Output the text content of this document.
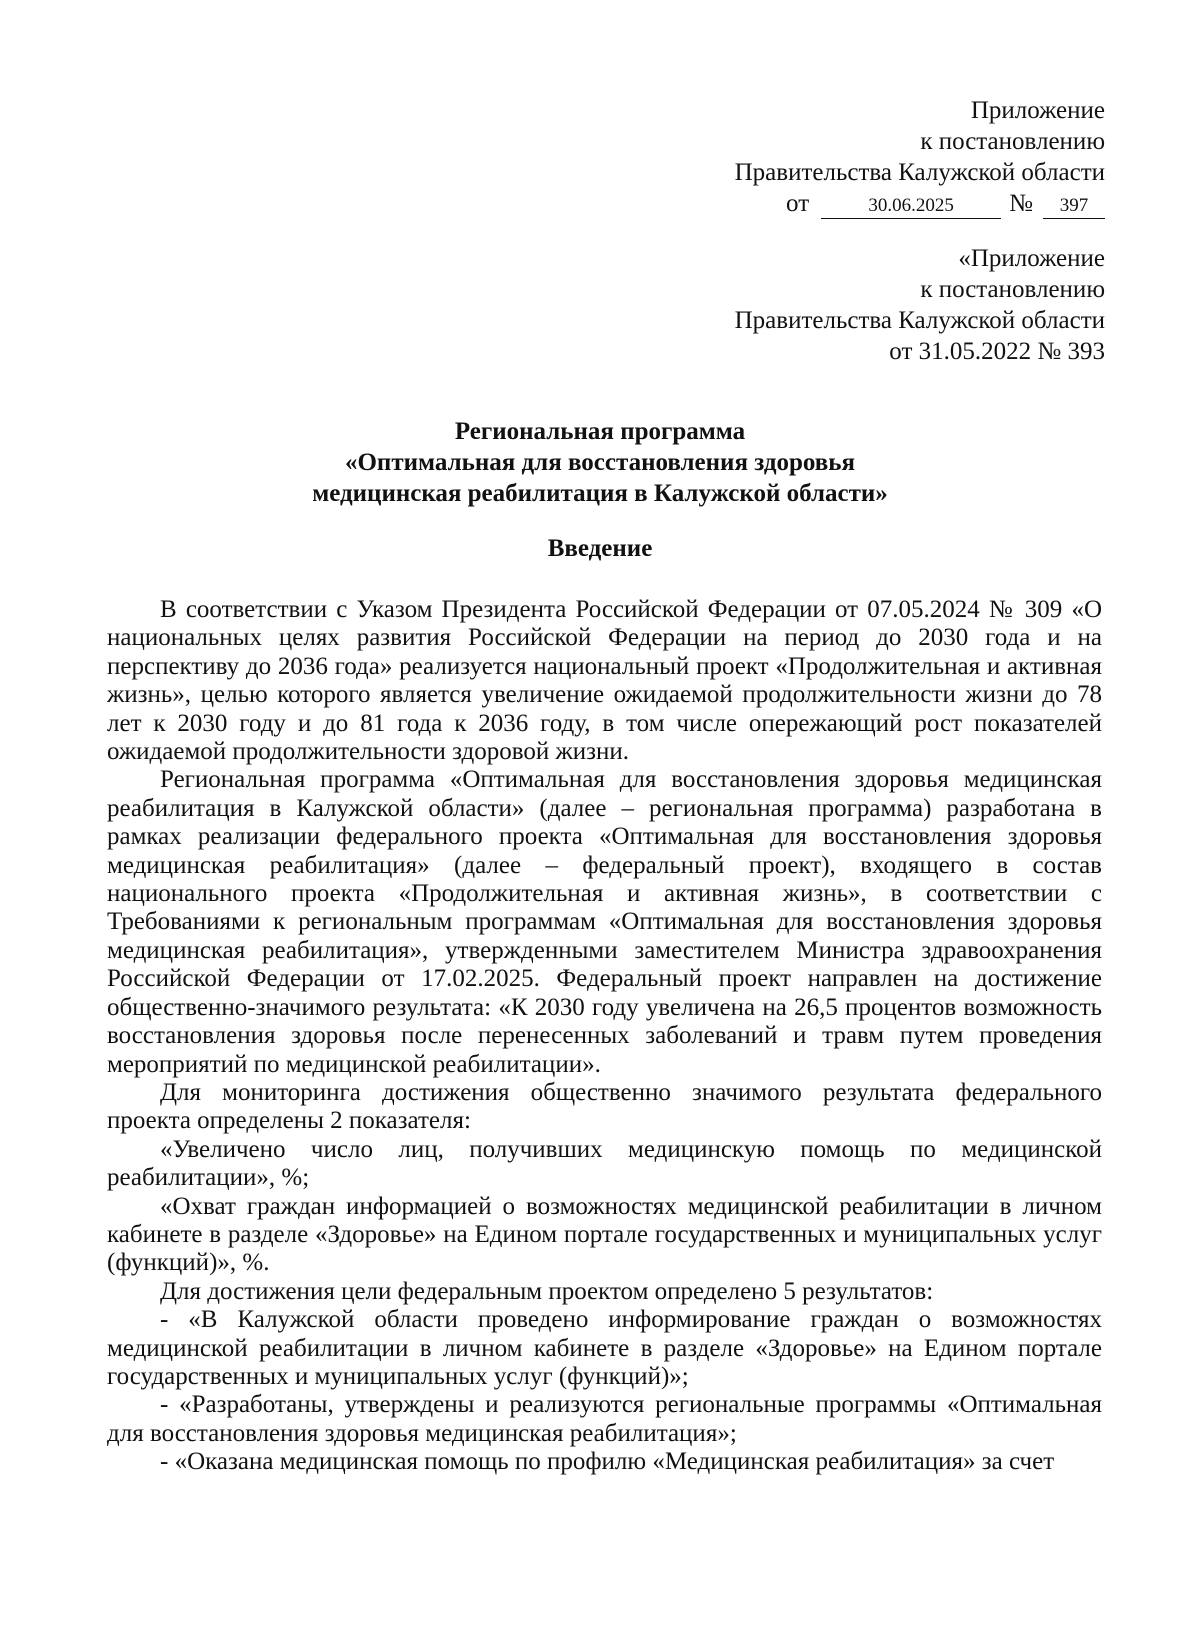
Приложение
к постановлению
Правительства Калужской области
от	30.06.2025 № 397
«Приложение
к постановлению
Правительства Калужской области
от 31.05.2022 № 393
Региональная программа
«Оптимальная для восстановления здоровья
медицинская реабилитация в Калужской области»
Введение

В соответствии с Указом Президента Российской Федерации от 07.05.2024 № 309 «О национальных целях развития Российской Федерации на период до 2030 года и на перспективу до 2036 года» реализуется национальный проект «Продолжительная и активная жизнь», целью которого является увеличение ожидаемой продолжительности жизни до 78 лет к 2030 году и до 81 года к 2036 году, в том числе опережающий рост показателей ожидаемой продолжительности здоровой жизни.

Региональная программа «Оптимальная для восстановления здоровья медицинская реабилитация в Калужской области» (далее – региональная программа) разработана в рамках реализации федерального проекта «Оптимальная для восстановления здоровья медицинская реабилитация» (далее – федеральный проект), входящего в состав национального проекта «Продолжительная и активная жизнь», в соответствии с Требованиями к региональным программам «Оптимальная для восстановления здоровья медицинская реабилитация», утвержденными заместителем Министра здравоохранения Российской Федерации от 17.02.2025. Федеральный проект направлен на достижение общественно-значимого результата: «К 2030 году увеличена на 26,5 процентов возможность восстановления здоровья после перенесенных заболеваний и травм путем проведения мероприятий по медицинской реабилитации».

Для мониторинга достижения общественно значимого результата федерального проекта определены 2 показателя:

«Увеличено число лиц, получивших медицинскую помощь по медицинской реабилитации», %;

«Охват граждан информацией о возможностях медицинской реабилитации в личном кабинете в разделе «Здоровье» на Едином портале государственных и муниципальных услуг (функций)», %.

Для достижения цели федеральным проектом определено 5 результатов:

- «В Калужской области проведено информирование граждан о возможностях медицинской реабилитации в личном кабинете в разделе «Здоровье» на Едином портале государственных и муниципальных услуг (функций)»;

- «Разработаны, утверждены и реализуются региональные программы «Оптимальная для восстановления здоровья медицинская реабилитация»;

- «Оказана медицинская помощь по профилю «Медицинская реабилитация» за счет
